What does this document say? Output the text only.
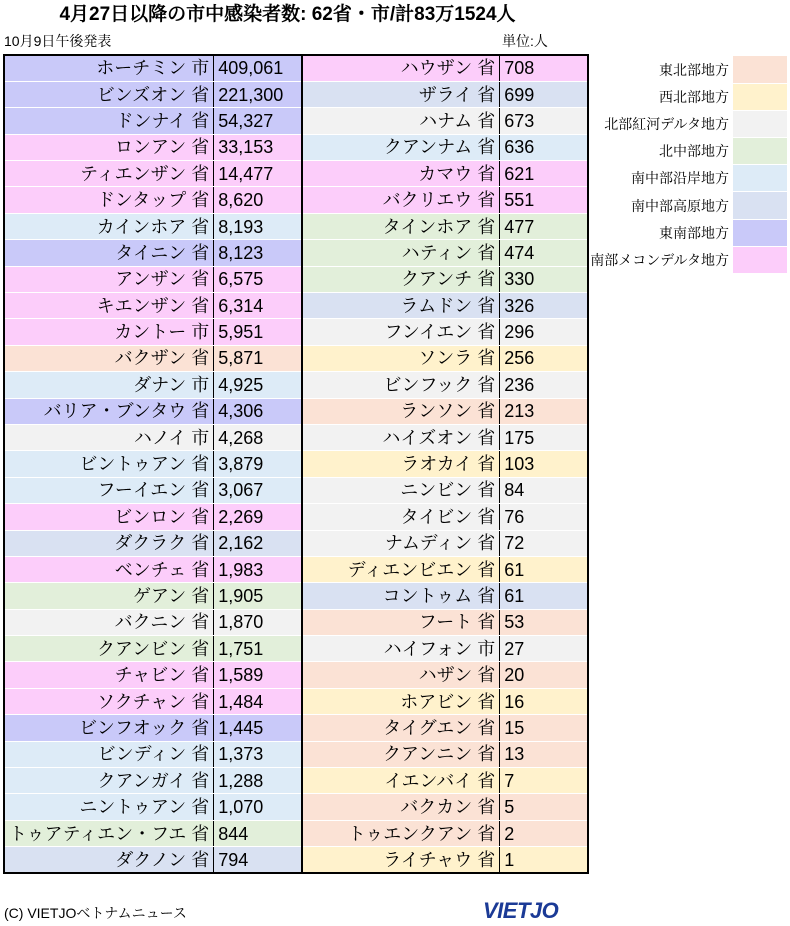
4月27日以降の市中感染者数: 62省・市/計83万1524人
10月9日午後発表	単位:人
ホーチミン 市	409,061	ハウザン 省	708
ビンズオン 省	221,300	ザライ 省	699
ドンナイ 省	54,327	ハナム 省	673
ロンアン 省	33,153	クアンナム 省	636
ティエンザン 省	14,477	カマウ 省	621
ドンタップ 省	8,620	バクリエウ 省	551
カインホア 省	8,193	タインホア 省	477
タイニン 省	8,123	ハティン 省	474
アンザン 省	6,575	クアンチ 省	330
キエンザン 省	6,314	ラムドン 省	326
カントー 市	5,951	フンイエン 省	296
バクザン 省	5,871	ソンラ 省	256
ダナン 市	4,925	ビンフック 省	236
バリア・ブンタウ 省	4,306	ランソン 省	213
ハノイ 市	4,268	ハイズオン 省	175
ビントゥアン 省	3,879	ラオカイ 省	103
フーイエン 省	3,067	ニンビン 省	84
ビンロン 省	2,269	タイビン 省	76
ダクラク 省	2,162	ナムディン 省	72
ベンチェ 省	1,983	ディエンビエン 省	61
ゲアン 省	1,905	コントゥム 省	61
バクニン 省	1,870	フート 省	53
クアンビン 省	1,751	ハイフォン 市	27
チャビン 省	1,589	ハザン 省	20
ソクチャン 省	1,484	ホアビン 省	16
ビンフオック 省	1,445	タイグエン 省	15
ビンディン 省	1,373	クアンニン 省	13
クアンガイ 省	1,288	イエンバイ 省	7
ニントゥアン 省	1,070	バクカン 省	5
トゥアティエン・フエ 省	844	トゥエンクアン 省	2
ダクノン 省	794	ライチャウ 省	1
東北部地方	
西北部地方	
北部紅河デルタ地方	
北中部地方	
南中部沿岸地方	
南中部高原地方	
東南部地方	
南部メコンデルタ地方	
(C) VIETJOベトナムニュース	VIETJO
